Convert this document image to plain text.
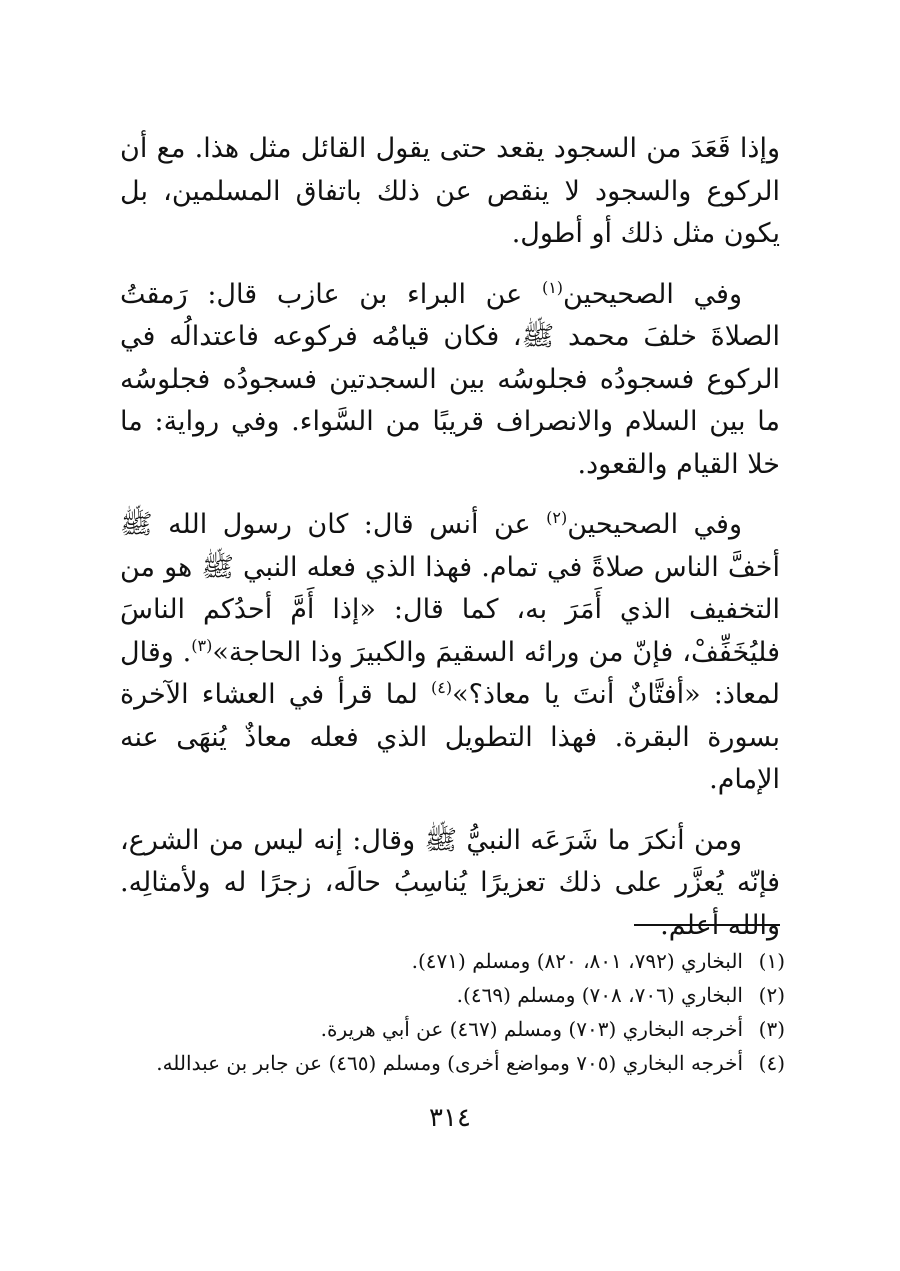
وإذا قَعَدَ من السجود يقعد حتى يقول القائل مثل هذا. مع أن الركوع والسجود لا ينقص عن ذلك باتفاق المسلمين، بل يكون مثل ذلك أو أطول.

وفي الصحيحين$^{(١)}$ عن البراء بن عازب قال: رَمقتُ الصلاةَ خلفَ محمد ﷺ، فكان قيامُه فركوعه فاعتدالُه في الركوع فسجودُه فجلوسُه بين السجدتين فسجودُه فجلوسُه ما بين السلام والانصراف قريبًا من السَّواء. وفي رواية: ما خلا القيام والقعود.

وفي الصحيحين$^{(٢)}$ عن أنس قال: كان رسول الله ﷺ أخفَّ الناس صلاةً في تمام. فهذا الذي فعله النبي ﷺ هو من التخفيف الذي أَمَرَ به، كما قال: «إذا أَمَّ أحدُكم الناسَ فليُخَفِّفْ، فإنّ من ورائه السقيمَ والكبيرَ وذا الحاجة»$^{(٣)}$. وقال لمعاذ: «أفتَّانٌ أنتَ يا معاذ؟»$^{(٤)}$ لما قرأ في العشاء الآخرة بسورة البقرة. فهذا التطويل الذي فعله معاذٌ يُنهَى عنه الإمام.

ومن أنكرَ ما شَرَعَه النبيُّ ﷺ وقال: إنه ليس من الشرع، فإنّه يُعزَّر على ذلك تعزيرًا يُناسِبُ حالَه، زجرًا له ولأمثالِه. والله أعلم.

(١)البخاري (٧٩٢، ٨٠١، ٨٢٠) ومسلم (٤٧١).
(٢)البخاري (٧٠٦، ٧٠٨) ومسلم (٤٦٩).
(٣)أخرجه البخاري (٧٠٣) ومسلم (٤٦٧) عن أبي هريرة.
(٤)أخرجه البخاري (٧٠٥ ومواضع أخرى) ومسلم (٤٦٥) عن جابر بن عبدالله.
٣١٤
